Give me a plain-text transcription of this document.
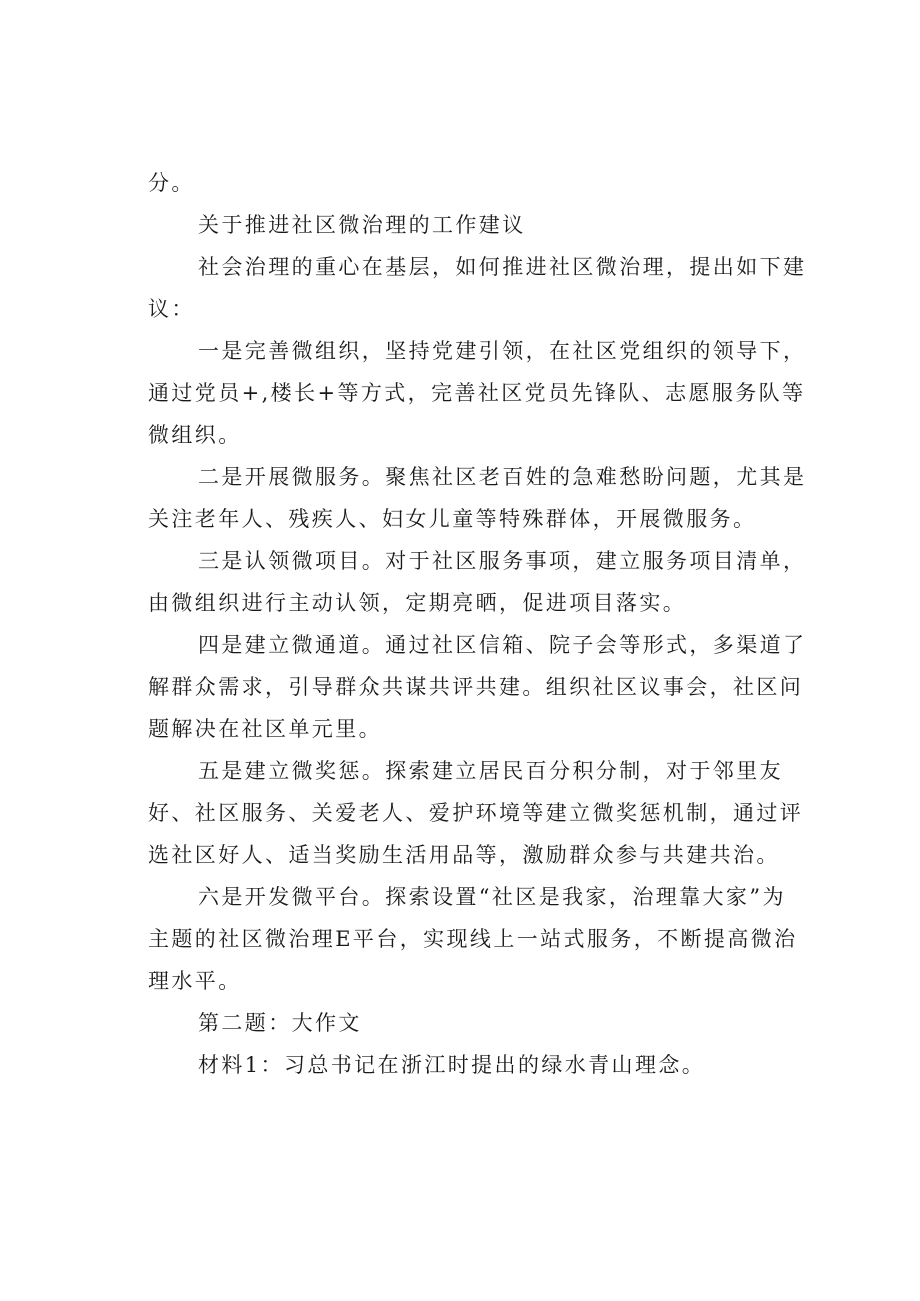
分。

关于推进社区微治理的工作建议

社会治理的重心在基层，如何推进社区微治理，提出如下建议：

一是完善微组织，坚持党建引领，在社区党组织的领导下，通过党员+,楼长+等方式，完善社区党员先锋队、志愿服务队等微组织。

二是开展微服务。聚焦社区老百姓的急难愁盼问题，尤其是关注老年人、残疾人、妇女儿童等特殊群体，开展微服务。

三是认领微项目。对于社区服务事项，建立服务项目清单，由微组织进行主动认领，定期亮晒，促进项目落实。

四是建立微通道。通过社区信箱、院子会等形式，多渠道了解群众需求，引导群众共谋共评共建。组织社区议事会，社区问题解决在社区单元里。

五是建立微奖惩。探索建立居民百分积分制，对于邻里友好、社区服务、关爱老人、爱护环境等建立微奖惩机制，通过评选社区好人、适当奖励生活用品等，激励群众参与共建共治。

六是开发微平台。探索设置“社区是我家，治理靠大家”为主题的社区微治理E平台，实现线上一站式服务，不断提高微治理水平。

第二题：大作文

材料1：习总书记在浙江时提出的绿水青山理念。
